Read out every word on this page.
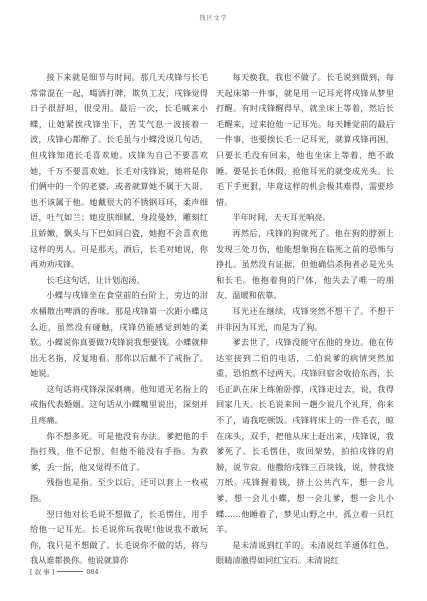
钱区文学

接下来就是细节与时间。那几天戌锋与长毛常常混在一起，喝酒打牌，欺负工友，戌锋觉得日子很舒坦，很受用。最后一次，长毛喊来小蝶，让她紧挨戌锋坐下，苦艾气息一波接着一波，戌锋心都醉了。长毛虽与小蝶没说几句话，但戌锋知道长毛喜欢她。戌锋为自己不要喜欢她，千万不要喜欢她。长毛对戌锋说，她将是你们俩中的一个的老婆，或者就算她不属于大哥，也不该属于他。她戴很大的不锈钢耳环，柔声细语，吐气如兰；她皮肤细腻，身段曼妙，雕刻红且娇嫩，飘头与下巴如同白瓷，她抱不会喜欢他这样的男人。可是那天，酒后，长毛对她说，你再劝劝戌锋。

长毛这句话，让计划泡汤。

小蝶与戌锋坐在食堂前的台阶上，旁边的泔水桶散出啤酒的香味。那是戌锋第一次距小蝶这么近，虽然没有碰触，戌锋仍能感觉到她的柔软。小蝶说你真要做?戌锋说我想要钱。小蝶就伸出无名指，反复地看。那你以后戴不了戒指了。她说。

这句话将戌锋深深刺痛。他知道无名指上的戒指代表婚姻。这句话从小蝶嘴里说出，深刻并且疼痛。

你不想多死。可是他没有办法。爹把他的手指打残，他不记恨，但他不能没有手指。为救爹，丢一指，他又觉得不值了。

残指也是指。至少以后，还可以套上一枚戒指。

翌日他对长毛说不想做了，长毛愣住，用手给他一记耳光。长毛说你玩我呢!他说我不敢玩你，我只是不想做了。长毛说你不做的话，将与我从谁都换你。他说就算你

每天换我，我也不做了。长毛说到做到，每天起床第一件事，就是用一记耳光将戌锋从梦里打醒。有时戌锋醒得早，就坐床上等着，然后长毛醒来，过来抢他一记耳光。每天睡觉前的最后一件事，也要挨长毛一记耳光，就算戌锋再困，只要长毛没有回来，他也坐床上等着，绝不敢睡。要是长毛休假，抢他耳光的就变成光头。长毛下手更狠，毕竟这样的机会极其难得，需要珍惜。

半年时间，天天耳光响亮。

再然后，戌锋的狗就死了。他在狗的脖颈上发现三处刀伤，他能想象狗在临死之前的恐怖与挣扎。虽然没有证据，但他确信杀狗者必是光头和长毛。他抱着狗的尸体，他失去了唯一的朋友、温暖和依靠。

耳光还在继续，戌锋突然不想干了。不想干并非因为耳光，而是为了狗。

爹去世了，戌锋没能守在他的身边。他在传达室接到二伯的电话，二伯说爹的病情突然加重，恐怕熬不过两天。戌锋回宿舍收拾东西，长毛正趴在床上练俯卧撑，戌锋走过去，说，我得回家几天。长毛说来回一趟少说几个礼拜，你来不了，请我吃顿饭。戌锋将床上的一件毛衣，晾在床头，双手，把他从床上赶出来，戌锋说，我爹死了。长毛愣住，收回架势，拍拍戌锋的肩膀，说节哀。他撒给戌锋三百块钱，说，替我烧刀纸。戌锋握着钱，挤上公共汽车，想一会儿爹，想一会儿小蝶，想一会儿爹，想一会儿小蝶……他睡着了，梦见山野之中，孤立着一只红羊。

是未清说到红羊的。未清说红羊通体红色，眼睛清澈得如同红宝石。未清说红

[ 叙 事 ]	084
